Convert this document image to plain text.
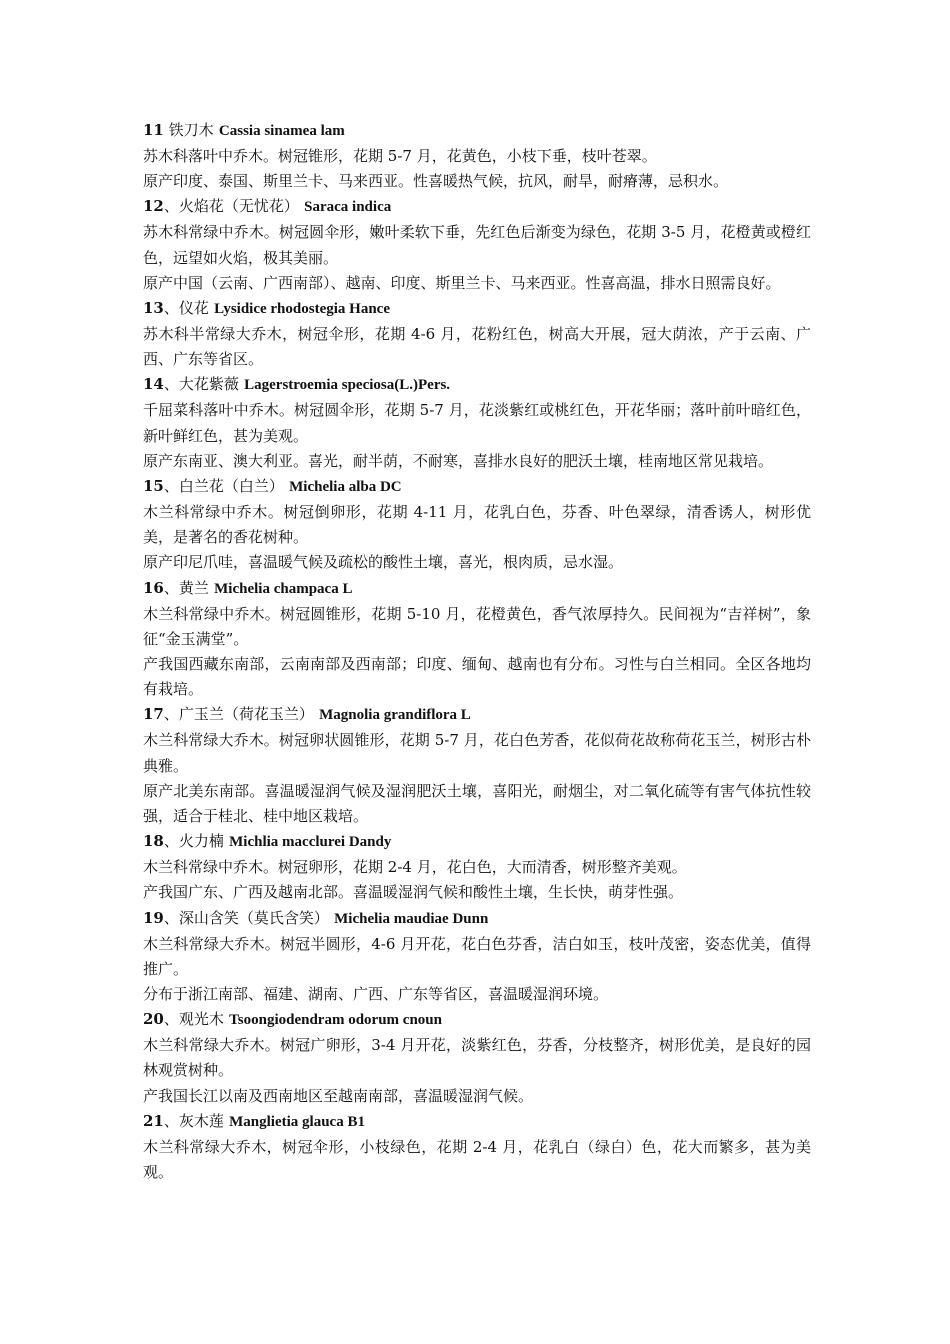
11 铁刀木 Cassia sinamea lam

苏木科落叶中乔木。树冠锥形，花期 5-7 月，花黄色，小枝下垂，枝叶苍翠。

原产印度、泰国、斯里兰卡、马来西亚。性喜暖热气候，抗风，耐旱，耐瘠薄，忌积水。

12、火焰花（无忧花） Saraca indica

苏木科常绿中乔木。树冠圆伞形，嫩叶柔软下垂，先红色后渐变为绿色，花期 3-5 月，花橙黄或橙红色，远望如火焰，极其美丽。

原产中国（云南、广西南部）、越南、印度、斯里兰卡、马来西亚。性喜高温，排水日照需良好。

13、仪花 Lysidice rhodostegia Hance

苏木科半常绿大乔木，树冠伞形，花期 4-6 月，花粉红色，树高大开展，冠大荫浓，产于云南、广西、广东等省区。

14、大花紫薇 Lagerstroemia speciosa(L.)Pers.

千屈菜科落叶中乔木。树冠圆伞形，花期 5-7 月，花淡紫红或桃红色，开花华丽；落叶前叶暗红色，新叶鲜红色，甚为美观。

原产东南亚、澳大利亚。喜光，耐半荫，不耐寒，喜排水良好的肥沃土壤，桂南地区常见栽培。

15、白兰花（白兰） Michelia alba DC

木兰科常绿中乔木。树冠倒卵形，花期 4-11 月，花乳白色，芬香、叶色翠绿，清香诱人，树形优美，是著名的香花树种。

原产印尼爪哇，喜温暖气候及疏松的酸性土壤，喜光，根肉质，忌水湿。

16、黄兰 Michelia champaca L

木兰科常绿中乔木。树冠圆锥形，花期 5-10 月，花橙黄色，香气浓厚持久。民间视为“吉祥树”，象征“金玉满堂”。

产我国西藏东南部，云南南部及西南部；印度、缅甸、越南也有分布。习性与白兰相同。全区各地均有栽培。

17、广玉兰（荷花玉兰） Magnolia grandiflora L

木兰科常绿大乔木。树冠卵状圆锥形，花期 5-7 月，花白色芳香，花似荷花故称荷花玉兰，树形古朴典雅。

原产北美东南部。喜温暖湿润气候及湿润肥沃土壤，喜阳光，耐烟尘，对二氧化硫等有害气体抗性较强，适合于桂北、桂中地区栽培。

18、火力楠 Michlia macclurei Dandy

木兰科常绿中乔木。树冠卵形，花期 2-4 月，花白色，大而清香，树形整齐美观。

产我国广东、广西及越南北部。喜温暖湿润气候和酸性土壤，生长快，萌芽性强。

19、深山含笑（莫氏含笑） Michelia maudiae Dunn

木兰科常绿大乔木。树冠半圆形，4-6 月开花，花白色芬香，洁白如玉，枝叶茂密，姿态优美，值得推广。

分布于浙江南部、福建、湖南、广西、广东等省区，喜温暖湿润环境。

20、观光木 Tsoongiodendram odorum cnoun

木兰科常绿大乔木。树冠广卵形，3-4 月开花，淡紫红色，芬香，分枝整齐，树形优美，是良好的园林观赏树种。

产我国长江以南及西南地区至越南南部，喜温暖湿润气候。

21、灰木莲 Manglietia glauca B1

木兰科常绿大乔木，树冠伞形，小枝绿色，花期 2-4 月，花乳白（绿白）色，花大而繁多，甚为美观。
